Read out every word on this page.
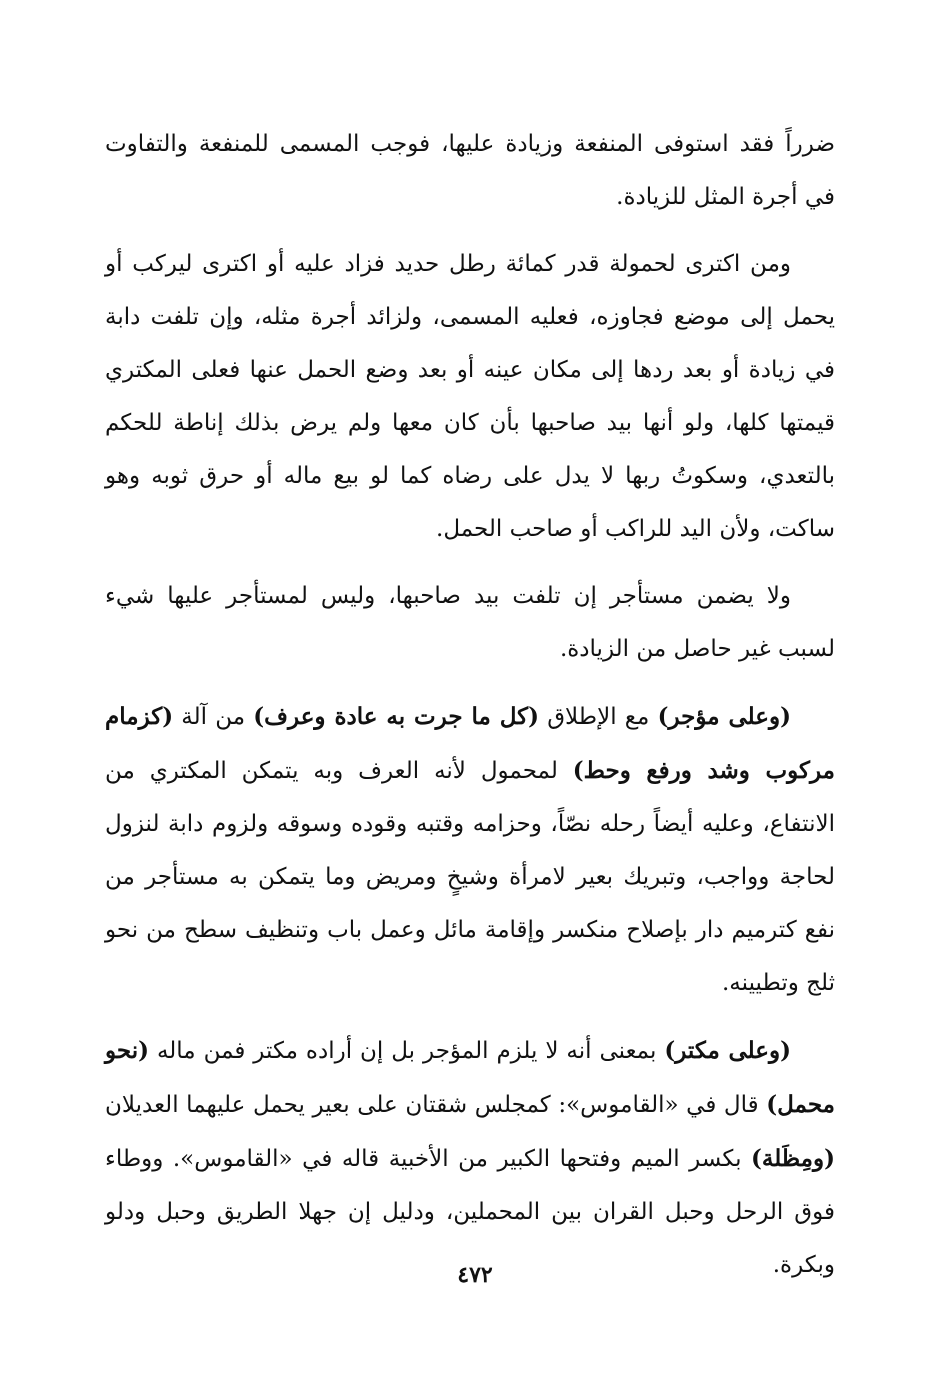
ضرراً فقد استوفى المنفعة وزيادة عليها، فوجب المسمى للمنفعة والتفاوت في أجرة المثل للزيادة.

ومن اكترى لحمولة قدر كمائة رطل حديد فزاد عليه أو اكترى ليركب أو يحمل إلى موضع فجاوزه، فعليه المسمى، ولزائد أجرة مثله، وإن تلفت دابة في زيادة أو بعد ردها إلى مكان عينه أو بعد وضع الحمل عنها فعلى المكتري قيمتها كلها، ولو أنها بيد صاحبها بأن كان معها ولم يرض بذلك إناطة للحكم بالتعدي، وسكوتُ ربها لا يدل على رضاه كما لو بيع ماله أو حرق ثوبه وهو ساكت، ولأن اليد للراكب أو صاحب الحمل.

ولا يضمن مستأجر إن تلفت بيد صاحبها، وليس لمستأجر عليها شيء لسبب غير حاصل من الزيادة.

(وعلى مؤجر) مع الإطلاق (كل ما جرت به عادة وعرف) من آلة (كزمام مركوب وشد ورفع وحط) لمحمول لأنه العرف وبه يتمكن المكتري من الانتفاع، وعليه أيضاً رحله نصّاً، وحزامه وقتبه وقوده وسوقه ولزوم دابة لنزول لحاجة وواجب، وتبريك بعير لامرأة وشيخٍ ومريض وما يتمكن به مستأجر من نفع كترميم دار بإصلاح منكسر وإقامة مائل وعمل باب وتنظيف سطح من نحو ثلج وتطيينه.

(وعلى مكتر) بمعنى أنه لا يلزم المؤجر بل إن أراده مكتر فمن ماله (نحو محمل) قال في «القاموس»: كمجلس شقتان على بعير يحمل عليهما العديلان (ومِظَلة) بكسر الميم وفتحها الكبير من الأخبية قاله في «القاموس». ووطاء فوق الرحل وحبل القران بين المحملين، ودليل إن جهلا الطريق وحبل ودلو وبكرة.

٤٧٢
